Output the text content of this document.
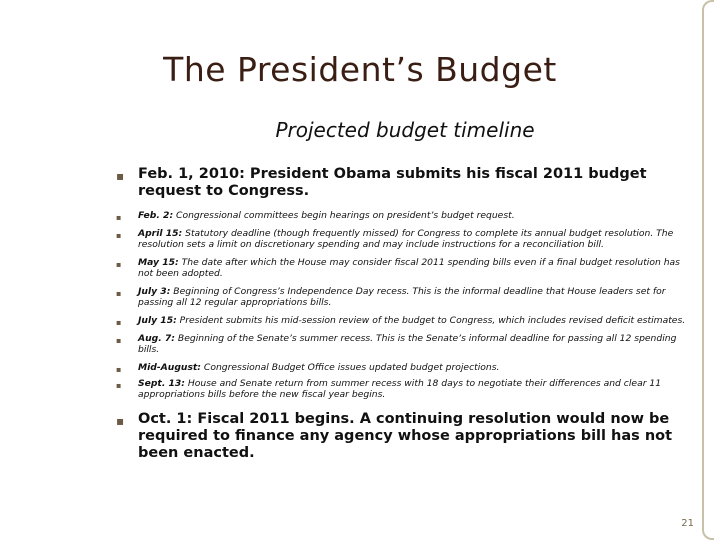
The President’s Budget
Projected budget timeline
▪ Feb. 1, 2010: President Obama submits his fiscal 2011 budget request to Congress.
▪ Feb. 2: Congressional committees begin hearings on president’s budget request.
▪ April 15: Statutory deadline (though frequently missed) for Congress to complete its annual budget resolution. The resolution sets a limit on discretionary spending and may include instructions for a reconciliation bill.
▪ May 15: The date after which the House may consider fiscal 2011 spending bills even if a final budget resolution has not been adopted.
▪ July 3: Beginning of Congress’s Independence Day recess. This is the informal deadline that House leaders set for passing all 12 regular appropriations bills.
▪ July 15: President submits his mid-session review of the budget to Congress, which includes revised deficit estimates.
▪ Aug. 7: Beginning of the Senate’s summer recess. This is the Senate’s informal deadline for passing all 12 spending bills.
▪ Mid-August: Congressional Budget Office issues updated budget projections.
▪ Sept. 13: House and Senate return from summer recess with 18 days to negotiate their differences and clear 11 appropriations bills before the new fiscal year begins.
▪ Oct. 1: Fiscal 2011 begins. A continuing resolution would now be required to finance any agency whose appropriations bill has not been enacted.
21
